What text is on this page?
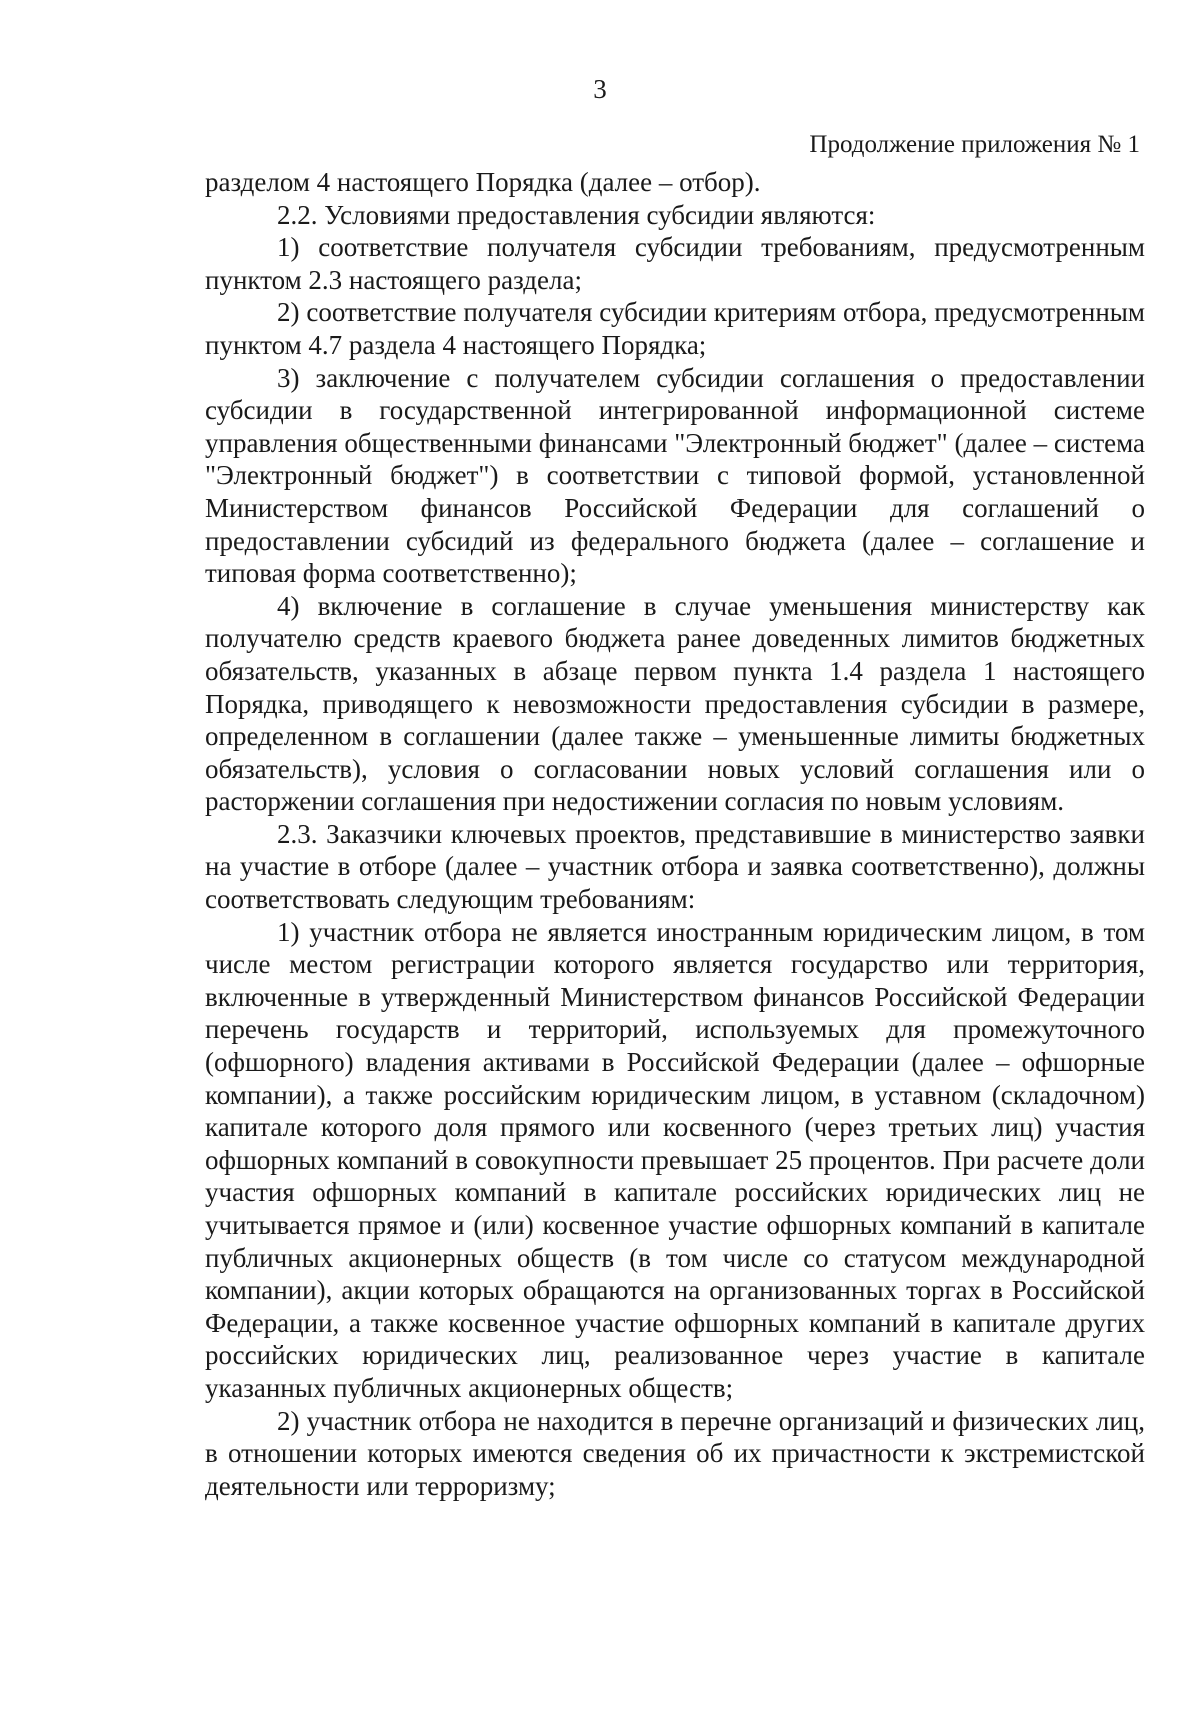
3
Продолжение приложения № 1

разделом 4 настоящего Порядка (далее – отбор).

2.2. Условиями предоставления субсидии являются:

1) соответствие получателя субсидии требованиям, предусмотренным пунктом 2.3 настоящего раздела;

2) соответствие получателя субсидии критериям отбора, предусмотренным пунктом 4.7 раздела 4 настоящего Порядка;

3) заключение с получателем субсидии соглашения о предоставлении субсидии в государственной интегрированной информационной системе управления общественными финансами "Электронный бюджет" (далее – система "Электронный бюджет") в соответствии с типовой формой, установленной Министерством финансов Российской Федерации для соглашений о предоставлении субсидий из федерального бюджета (далее – соглашение и типовая форма соответственно);

4) включение в соглашение в случае уменьшения министерству как получателю средств краевого бюджета ранее доведенных лимитов бюджетных обязательств, указанных в абзаце первом пункта 1.4 раздела 1 настоящего Порядка, приводящего к невозможности предоставления субсидии в размере, определенном в соглашении (далее также – уменьшенные лимиты бюджетных обязательств), условия о согласовании новых условий соглашения или о расторжении соглашения при недостижении согласия по новым условиям.

2.3. Заказчики ключевых проектов, представившие в министерство заявки на участие в отборе (далее – участник отбора и заявка соответственно), должны соответствовать следующим требованиям:

1) участник отбора не является иностранным юридическим лицом, в том числе местом регистрации которого является государство или территория, включенные в утвержденный Министерством финансов Российской Федерации перечень государств и территорий, используемых для промежуточного (офшорного) владения активами в Российской Федерации (далее – офшорные компании), а также российским юридическим лицом, в уставном (складочном) капитале которого доля прямого или косвенного (через третьих лиц) участия офшорных компаний в совокупности превышает 25 процентов. При расчете доли участия офшорных компаний в капитале российских юридических лиц не учитывается прямое и (или) косвенное участие офшорных компаний в капитале публичных акционерных обществ (в том числе со статусом международной компании), акции которых обращаются на организованных торгах в Российской Федерации, а также косвенное участие офшорных компаний в капитале других российских юридических лиц, реализованное через участие в капитале указанных публичных акционерных обществ;

2) участник отбора не находится в перечне организаций и физических лиц, в отношении которых имеются сведения об их причастности к экстремистской деятельности или терроризму;
